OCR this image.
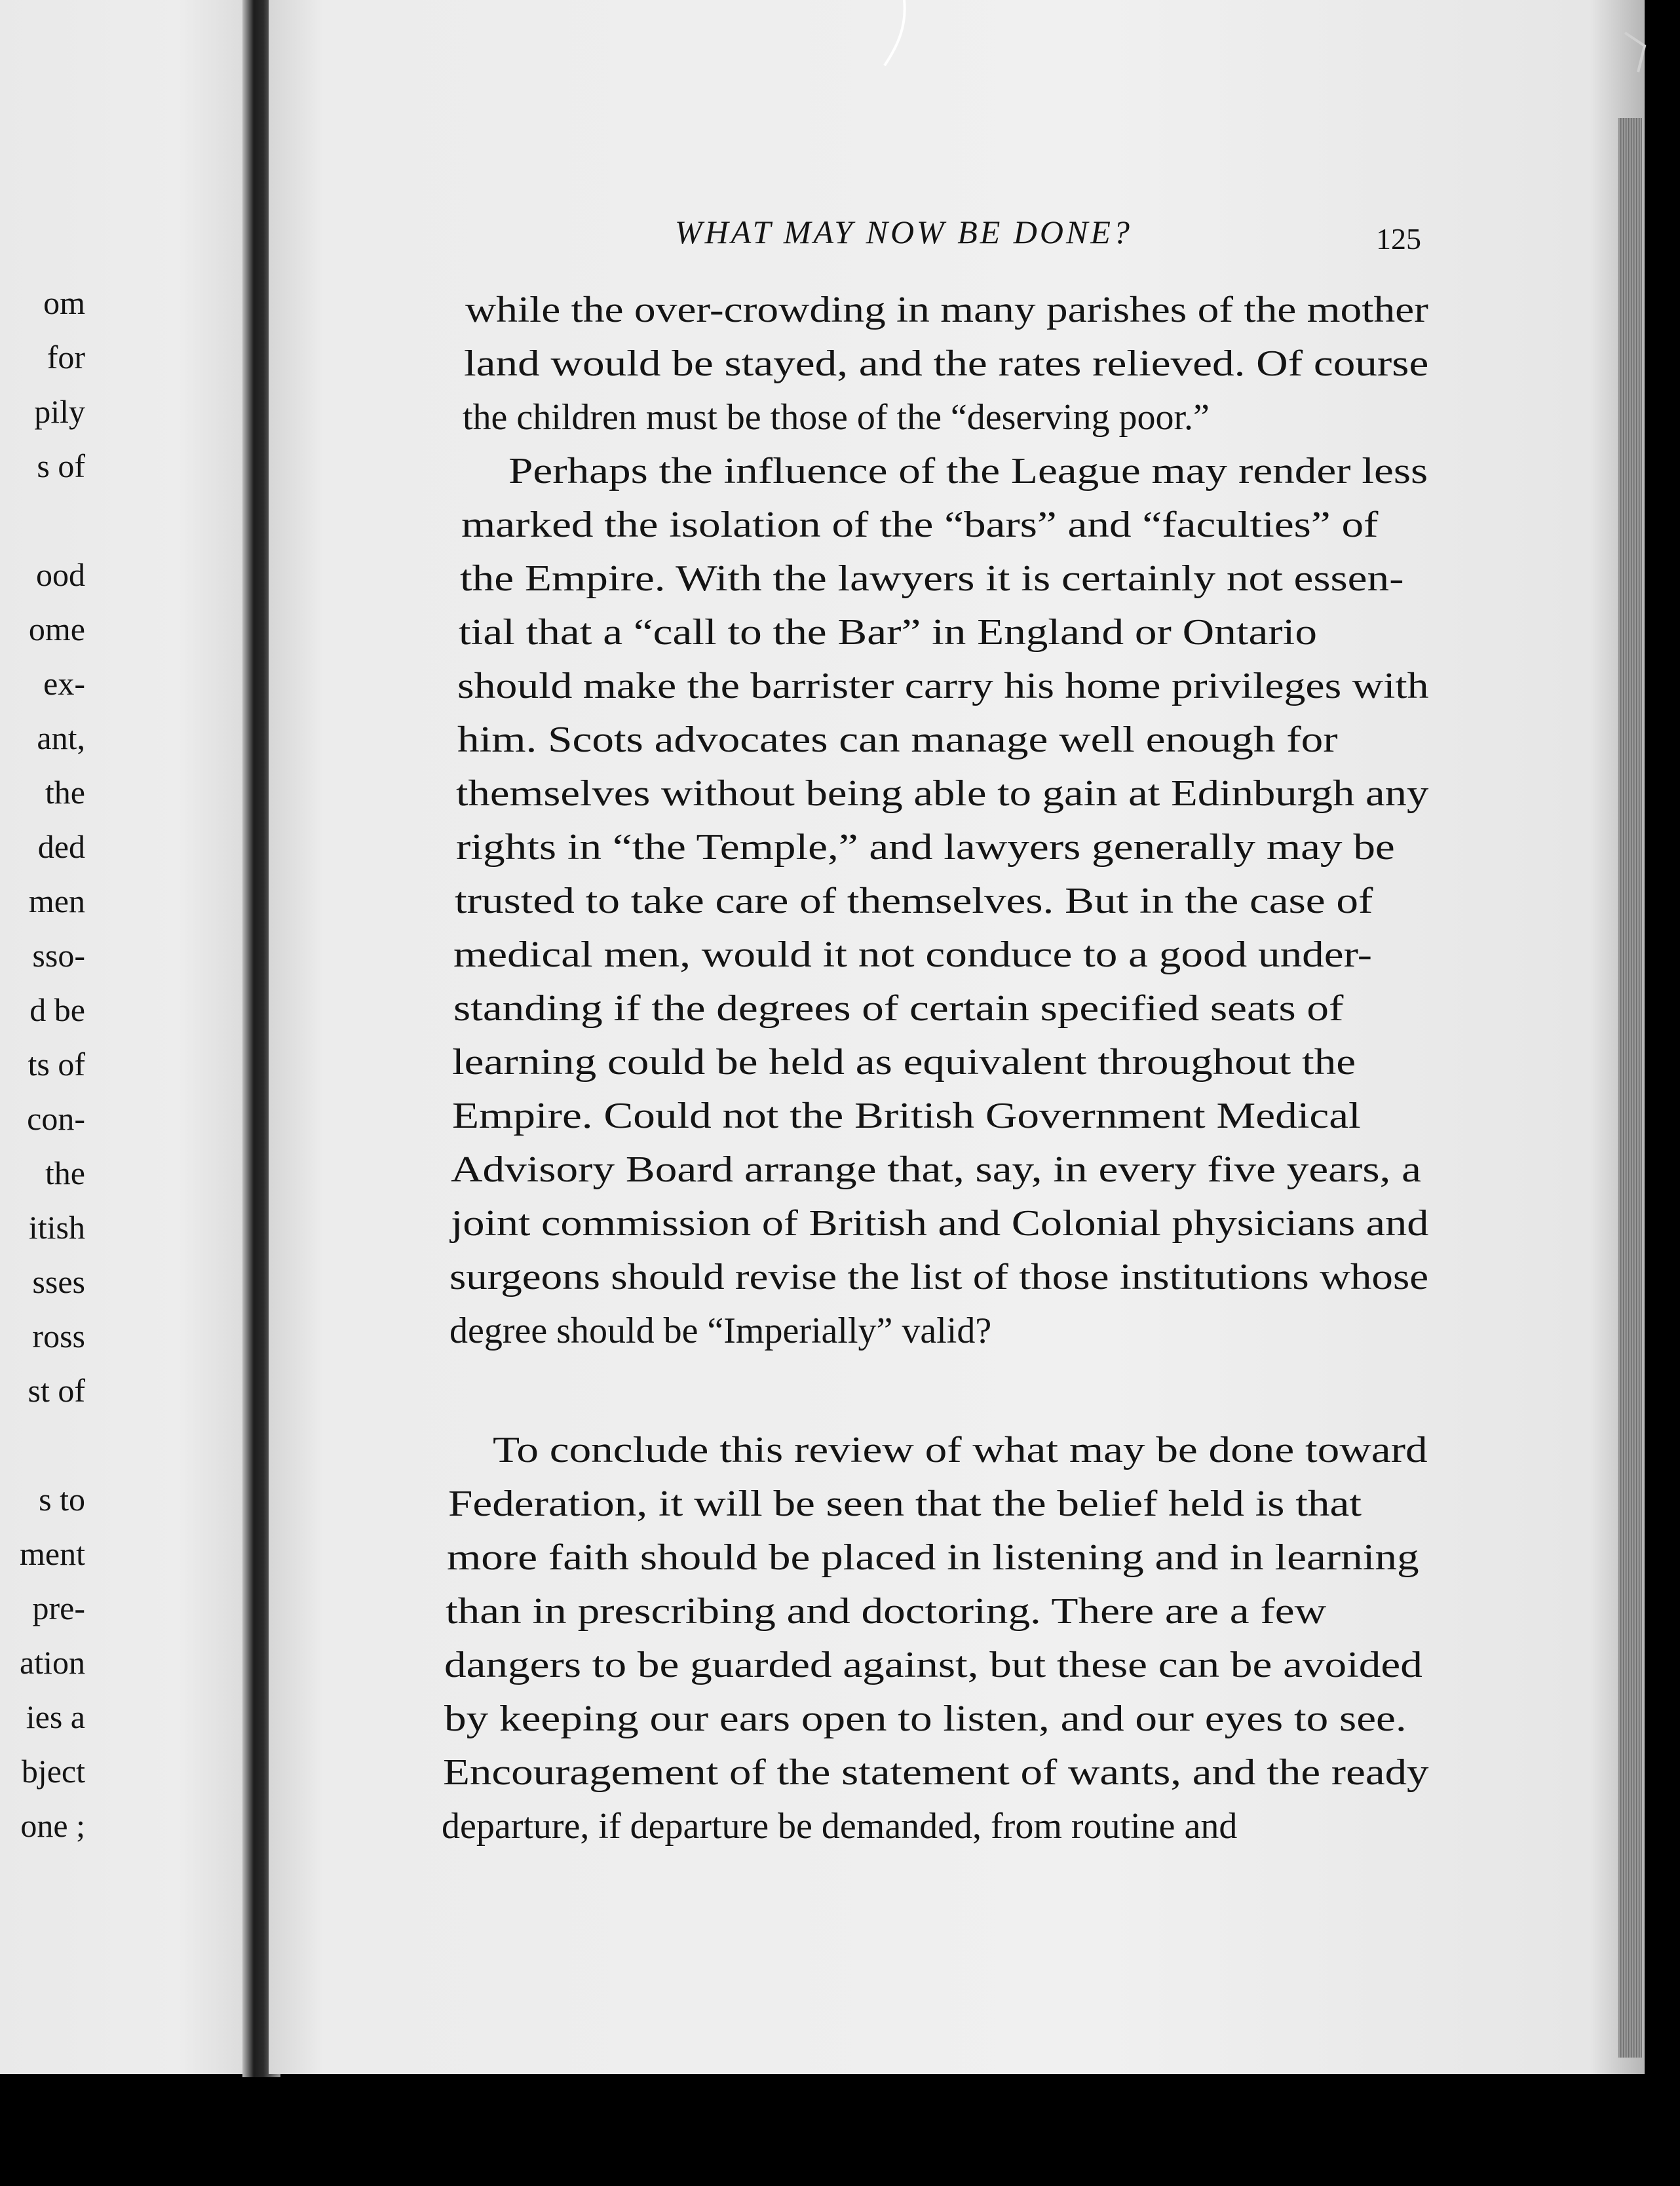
om
for
pily
s of
ood
ome
ex-
ant,
the
ded
men
sso-
d be
ts of
con-
the
itish
sses
ross
st of
s to
ment
pre-
ation
ies a
bject
one ;
WHAT MAY NOW BE DONE?	125
while the over-crowding in many parishes of the mother
land would be stayed, and the rates relieved. Of course
the children must be those of the “deserving poor.”
Perhaps the influence of the League may render less
marked the isolation of the “bars” and “faculties” of
the Empire. With the lawyers it is certainly not essen-
tial that a “call to the Bar” in England or Ontario
should make the barrister carry his home privileges with
him. Scots advocates can manage well enough for
themselves without being able to gain at Edinburgh any
rights in “the Temple,” and lawyers generally may be
trusted to take care of themselves. But in the case of
medical men, would it not conduce to a good under-
standing if the degrees of certain specified seats of
learning could be held as equivalent throughout the
Empire. Could not the British Government Medical
Advisory Board arrange that, say, in every five years, a
joint commission of British and Colonial physicians and
surgeons should revise the list of those institutions whose
degree should be “Imperially” valid?
To conclude this review of what may be done toward
Federation, it will be seen that the belief held is that
more faith should be placed in listening and in learning
than in prescribing and doctoring. There are a few
dangers to be guarded against, but these can be avoided
by keeping our ears open to listen, and our eyes to see.
Encouragement of the statement of wants, and the ready
departure, if departure be demanded, from routine and
